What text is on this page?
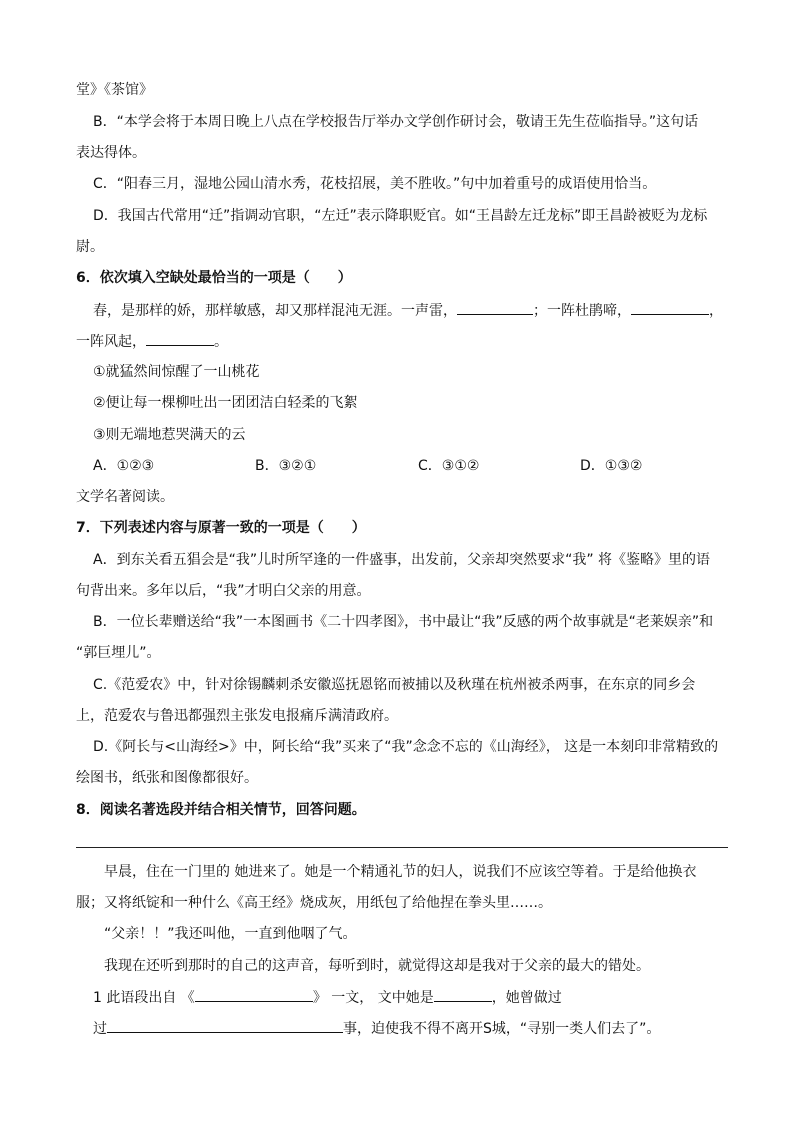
堂》《茶馆》
B．“本学会将于本周日晚上八点在学校报告厅举办文学创作研讨会，敬请王先生莅临指导。”这句话
表达得体。
C．“阳春三月，湿地公园山清水秀，花枝招展，美不胜收。”句中加着重号的成语使用恰当。
D．我国古代常用“迁”指调动官职，“左迁”表示降职贬官。如“王昌龄左迁龙标”即王昌龄被贬为龙标
尉。
6．依次填入空缺处最恰当的一项是（　　）
春，是那样的娇，那样敏感，却又那样混沌无涯。一声雷，	；一阵杜鹃啼，	，
一阵风起，	。
①就猛然间惊醒了一山桃花
②便让每一棵柳吐出一团团洁白轻柔的飞絮
③则无端地惹哭满天的云
A．①②③	B．③②①	C．③①②	D．①③②
文学名著阅读。
7．下列表述内容与原著一致的一项是（　　）
A．到东关看五猖会是“我”儿时所罕逢的一件盛事，出发前，父亲却突然要求“我” 将《鉴略》里的语
句背出来。多年以后，“我”才明白父亲的用意。
B．一位长辈赠送给“我”一本图画书《二十四孝图》，书中最让“我”反感的两个故事就是“老莱娱亲”和
“郭巨埋儿”。
C.《范爱农》中，针对徐锡麟刺杀安徽巡抚恩铭而被捕以及秋瑾在杭州被杀两事，在东京的同乡会
上，范爱农与鲁迅都强烈主张发电报痛斥满清政府。
D.《阿长与<山海经>》中，阿长给“我”买来了“我”念念不忘的《山海经》， 这是一本刻印非常精致的
绘图书，纸张和图像都很好。
8．阅读名著选段并结合相关情节，回答问题。
早晨，住在一门里的 她进来了。她是一个精通礼节的妇人，说我们不应该空等着。于是给他换衣
服；又将纸锭和一种什么《高王经》烧成灰，用纸包了给他捏在拳头里……。
“父亲！！”我还叫他，一直到他咽了气。
我现在还听到那时的自己的这声音，每听到时，就觉得这却是我对于父亲的最大的错处。
1 此语段出自 《	》 一文， 文中她是	，她曾做过
过	事，迫使我不得不离开S城，“寻别一类人们去了”。
